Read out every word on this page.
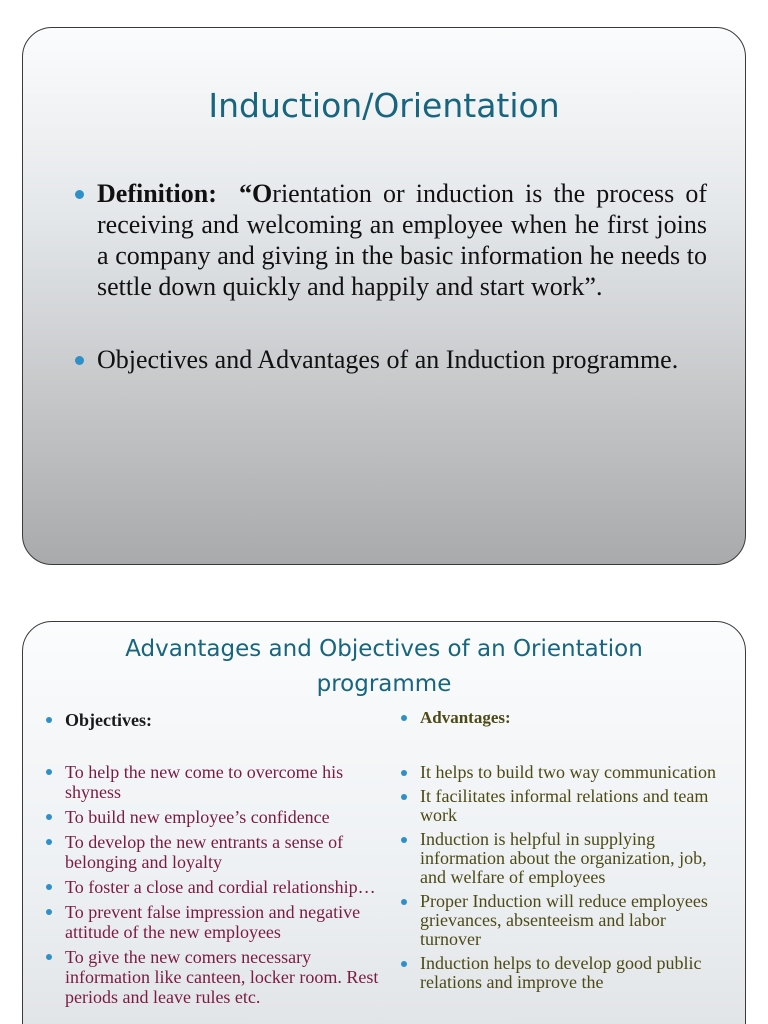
Induction/Orientation
Definition: “Orientation or induction is the process of receiving and welcoming an employee when he first joins a company and giving in the basic information he needs to settle down quickly and happily and start work”.
Objectives and Advantages of an Induction programme.
Advantages and Objectives of an Orientation programme
Objectives:
To help the new come to overcome his shyness
To build new employee’s confidence
To develop the new entrants a sense of belonging and loyalty
To foster a close and cordial relationship…
To prevent false impression and negative attitude of the new employees
To give the new comers necessary information like canteen, locker room. Rest periods and leave rules etc.
Advantages:
It helps to build two way communication
It facilitates informal relations and team work
Induction is helpful in supplying information about the organization, job, and welfare of employees
Proper Induction will reduce employees grievances, absenteeism and labor turnover
Induction helps to develop good public relations and improve the
